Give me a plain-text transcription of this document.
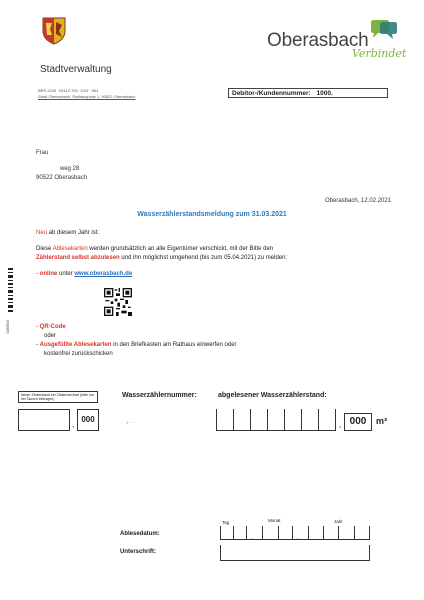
Oberasbach
Verbindet
Stadtverwaltung
BRS 2249 ·20412·750 ·10/3 · 564
Stadt Oberasbach, Rathausplatz 1, 90522 Oberasbach	Debitor-/Kundennummer: 1000.
Frau
weg 28
90522 Oberasbach
Oberasbach, 12.02.2021
Wasserzählerstandsmeldung zum 31.03.2021
Neu ab diesem Jahr ist:
Diese Ablesekarten werden grundsätzlich an alle Eigentümer verschickt, mit der Bitte den
Zählerstand selbst abzulesen und ihn möglichst umgehend (bis zum 05.04.2021) zu melden:
- online unter www.oberasbach.de
0388503	- QR-Code
oder
- Ausgefüllte Ablesekarten in den Briefkasten am Rathaus einwerfen oder
kostenfrei zurückschicken
Neuer Zählerstand bei Zählerwechsel (bitte nur bei Tausch eintragen)	Wasserzählernummer:	abgelesener Wasserzählerstand:
,
000	1··· ·	, 000	m³
Tag	Monat	Jahr
Ablesedatum:
.	.
Unterschrift:
